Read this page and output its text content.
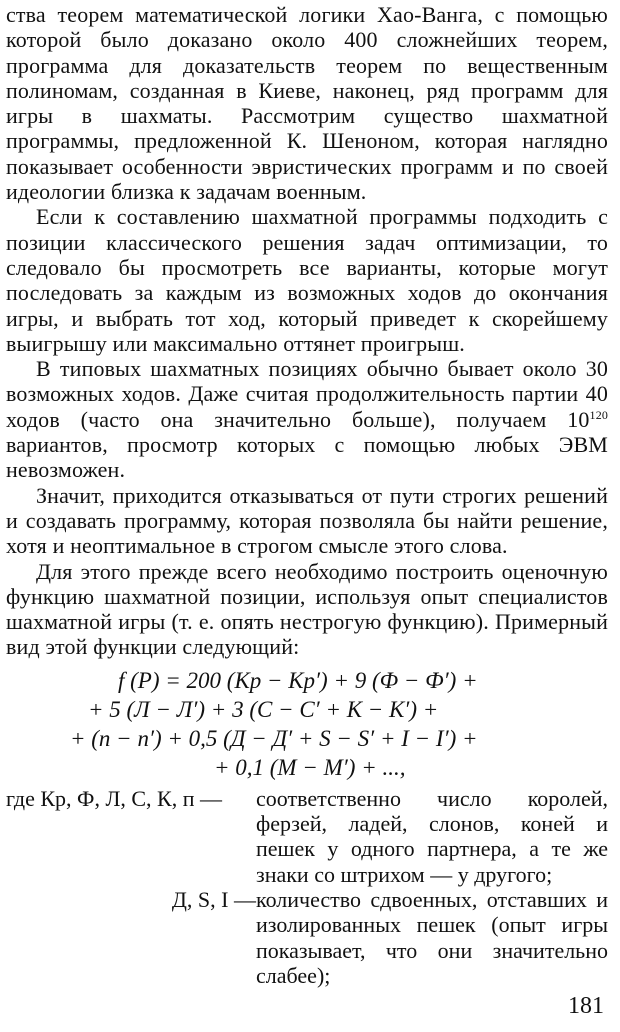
ства теорем математической логики Хао-Ванга, с помощью которой было доказано около 400 сложнейших теорем, программа для доказательств теорем по вещественным полиномам, созданная в Киеве, наконец, ряд программ для игры в шахматы. Рассмотрим существо шахматной программы, предложенной К. Шеноном, которая наглядно показывает особенности эвристических программ и по своей идеологии близка к задачам военным.

Если к составлению шахматной программы подходить с позиции классического решения задач оптимизации, то следовало бы просмотреть все варианты, которые могут последовать за каждым из возможных ходов до окончания игры, и выбрать тот ход, который приведет к скорейшему выигрышу или максимально оттянет проигрыш.

В типовых шахматных позициях обычно бывает около 30 возможных ходов. Даже считая продолжительность партии 40 ходов (часто она значительно больше), получаем $10^{120}$ вариантов, просмотр которых с помощью любых ЭВМ невозможен.

Значит, приходится отказываться от пути строгих решений и создавать программу, которая позволяла бы найти решение, хотя и неоптимальное в строгом смысле этого слова.

Для этого прежде всего необходимо построить оценочную функцию шахматной позиции, используя опыт специалистов шахматной игры (т. е. опять нестрогую функцию). Примерный вид этой функции следующий:

f (P) = 200 (Кр − Кр′) + 9 (Ф − Ф′) +
+ 5 (Л − Л′) + 3 (С − С′ + К − К′) +
+ (п − п′) + 0,5 (Д − Д′ + S − S′ + I − I′) +
+ 0,1 (M − M′) + ...,
где Кр, Ф, Л, С, К, п —	соответственно число королей, ферзей, ладей, слонов, коней и пешек у одного партнера, а те же знаки со штрихом — у другого;
Д, S, I — количество сдвоенных, отставших и изолированных пешек (опыт игры показывает, что они значительно слабее);
181
